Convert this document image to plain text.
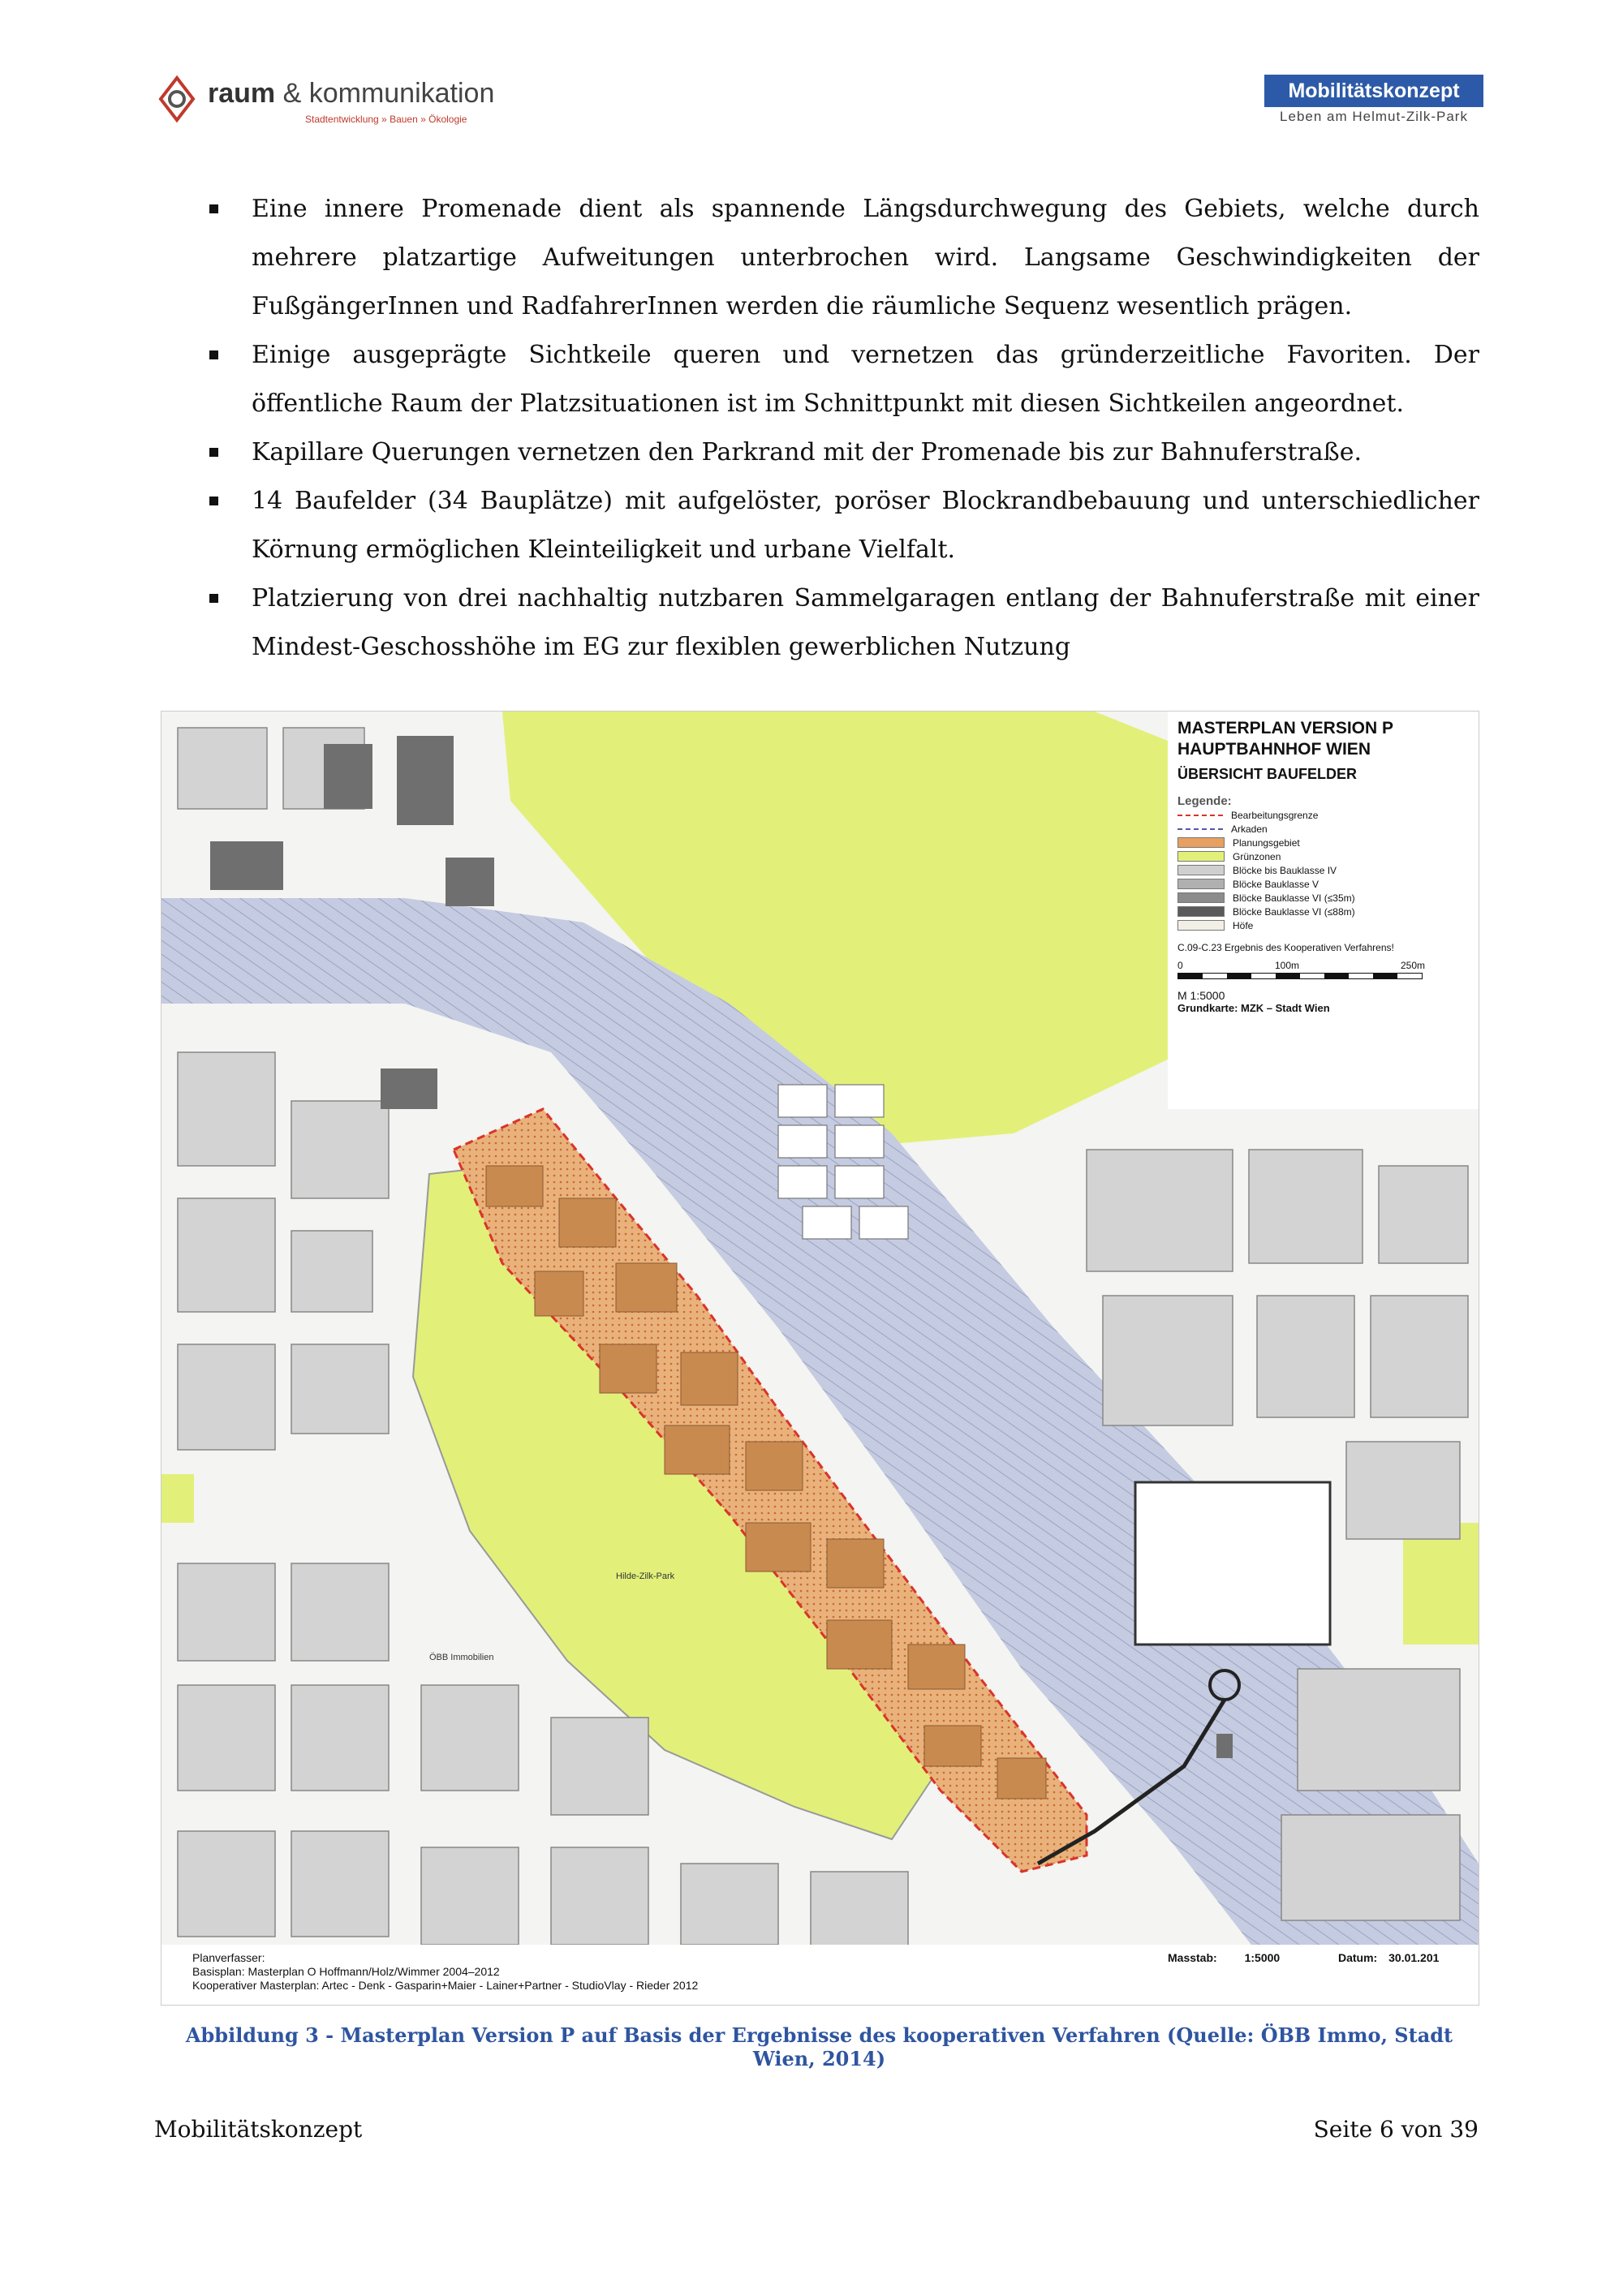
raum & kommunikation
Stadtentwicklung » Bauen » Ökologie
Mobilitätskonzept
Leben am Helmut-Zilk-Park
Eine innere Promenade dient als spannende Längsdurchwegung des Gebiets, welche durch mehrere platzartige Aufweitungen unterbrochen wird. Langsame Geschwindigkeiten der FußgängerInnen und RadfahrerInnen werden die räumliche Sequenz wesentlich prägen.
Einige ausgeprägte Sichtkeile queren und vernetzen das gründerzeitliche Favoriten. Der öffentliche Raum der Platzsituationen ist im Schnittpunkt mit diesen Sichtkeilen angeordnet.
Kapillare Querungen vernetzen den Parkrand mit der Promenade bis zur Bahnuferstraße.
14 Baufelder (34 Bauplätze) mit aufgelöster, poröser Blockrandbebauung und unterschiedlicher Körnung ermöglichen Kleinteiligkeit und urbane Vielfalt.
Platzierung von drei nachhaltig nutzbaren Sammelgaragen entlang der Bahnuferstraße mit einer Mindest-Geschosshöhe im EG zur flexiblen gewerblichen Nutzung
MASTERPLAN VERSION P
HAUPTBAHNHOF WIEN
ÜBERSICHT BAUFELDER
Legende:
Bearbeitungsgrenze
Arkaden
Planungsgebiet
Grünzonen
Blöcke bis Bauklasse IV
Blöcke Bauklasse V
Blöcke Bauklasse VI (≤35m)
Blöcke Bauklasse VI (≤88m)
Höfe
C.09-C.23 Ergebnis des Kooperativen Verfahrens!
0	100m	250m
M 1:5000
Grundkarte: MZK – Stadt Wien
Hilde-Zilk-Park
ÖBB Immobilien
Planverfasser:
Basisplan: Masterplan O Hoffmann/Holz/Wimmer 2004–2012
Kooperativer Masterplan: Artec - Denk - Gasparin+Maier - Lainer+Partner - StudioVlay - Rieder 2012
Masstab: 1:5000	Datum: 30.01.201
Abbildung 3 - Masterplan Version P auf Basis der Ergebnisse des kooperativen Verfahren (Quelle: ÖBB Immo, Stadt Wien, 2014)
Mobilitätskonzept	Seite 6 von 39
